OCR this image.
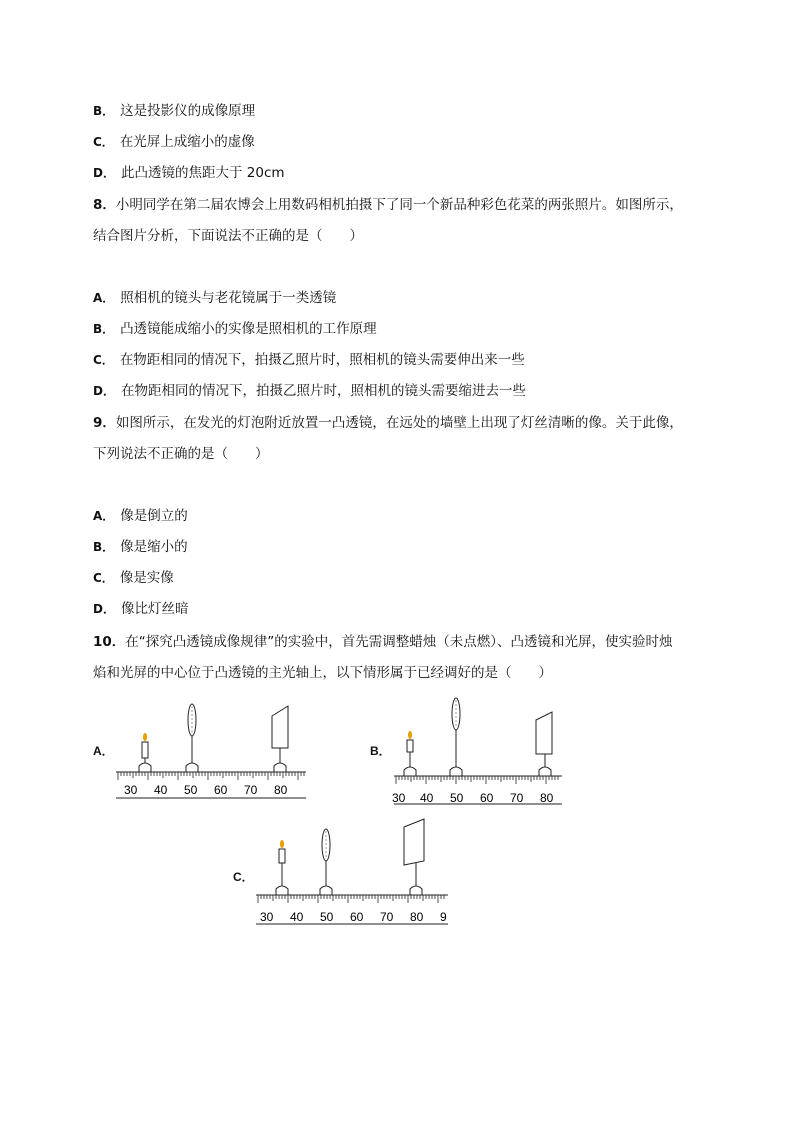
B． 这是投影仪的成像原理
C． 在光屏上成缩小的虚像
D． 此凸透镜的焦距大于 20cm
8．小明同学在第二届农博会上用数码相机拍摄下了同一个新品种彩色花菜的两张照片。如图所示，
结合图片分析，下面说法不正确的是（　　）
A． 照相机的镜头与老花镜属于一类透镜
B． 凸透镜能成缩小的实像是照相机的工作原理
C． 在物距相同的情况下，拍摄乙照片时，照相机的镜头需要伸出来一些
D． 在物距相同的情况下，拍摄乙照片时，照相机的镜头需要缩进去一些
9．如图所示，在发光的灯泡附近放置一凸透镜，在远处的墙壁上出现了灯丝清晰的像。关于此像，
下列说法不正确的是（　　）
A． 像是倒立的
B． 像是缩小的
C． 像是实像
D． 像比灯丝暗
10．在“探究凸透镜成像规律”的实验中，首先需调整蜡烛（未点燃）、凸透镜和光屏，使实验时烛
焰和光屏的中心位于凸透镜的主光轴上，以下情形属于已经调好的是（　　）
A．
30 40 50 60 70 80
B．
30 40 50 60 70 80
C．
30 40 50 60 70 80 9
